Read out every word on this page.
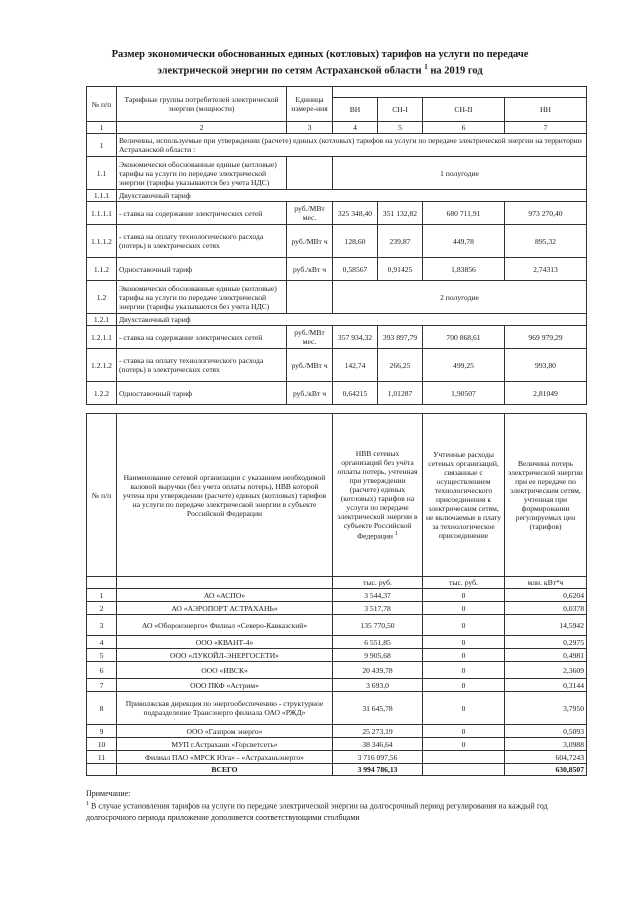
Размер экономически обоснованных единых (котловых) тарифов на услуги по передаче
электрической энергии по сетям Астраханской области $^1$ на 2019 год
№ п/п	Тарифные группы потребителей электрической энергии (мощности)	Единица измере-ния				
			ВН	СН-I	СН-II	НН
1	2	3	4	5	6	7
1	Величины, используемые при утверждении (расчете) единых (котловых) тарифов на услуги по передаче электрической энергии на территории Астраханской области :					
1.1	Экономически обоснованные единые (котловые) тарифы на услуги по передаче электрической энергии (тарифы указываются без учета НДС)		1 полугодие			
1.1.1	Двухставочный тариф					
1.1.1.1	- ставка на содержание электрических сетей	руб./МВт мес.	325 348,40	351 132,82	680 711,91	973 270,40
1.1.1.2	- ставка на оплату технологического расхода (потерь) в электрических сетях	руб./МВт ч	128,60	239,87	449,78	895,32
1.1.2	Одноставочный тариф	руб./кВт ч	0,58567	0,91425	1,83856	2,74313
1.2	Экономически обоснованные единые (котловые) тарифы на услуги по передаче электрической энергии (тарифы указываются без учета НДС)		2 полугодие			
1.2.1	Двухставочный тариф					
1.2.1.1	- ставка на содержание электрических сетей	руб./МВт мес.	357 934,32	393 897,79	700 868,61	969 979,29
1.2.1.2	- ставка на оплату технологического расхода (потерь) в электрических сетях	руб./МВт ч	142,74	266,25	499,25	993,80
1.2.2	Одноставочный тариф	руб./кВт ч	0,64215	1,01287	1,90507	2,81049
№ п/п	Наименование сетевой организации с указанием необходимой валовой выручки (без учета оплаты потерь), НВВ которой учтена при утверждении (расчете) единых (котловых) тарифов на услуги по передаче электрической энергии в субъекте Российской Федерации	НВВ сетевых организаций без учёта оплаты потерь, учтенная при утверждении (расчете) единых (котловых) тарифов на услуги по передаче электрической энергии в субъекте Российской Федерации $^1$	Учтенные расходы сетевых организаций, связанные с осуществлением технологического присоединения к электрическим сетям, не включаемые в плату за технологическое присоединение	Величина потерь электрической энергии при ее передаче по электрическим сетям, учтенная при формировании регулируемых цен (тарифов)
		тыс. руб.	тыс. руб.	млн. кВт*ч
1	АО «АСПО»	3 544,37	0	0,6204
2	АО «АЭРОПОРТ АСТРАХАНЬ»	3 517,78	0	0,0378
3	АО «Оборонэнерго» Филиал «Северо-Кавказский»	135 770,50	0	14,5942
4	ООО «КВАНТ-4»	6 551,85	0	0,2975
5	ООО «ЛУКОЙЛ-ЭНЕРГОСЕТИ»	9 905,68	0	0,4981
6	ООО «ИВСК»	20 439,78	0	2,3609
7	ООО ПКФ «Астрим»	3 693,0	0	0,3144
8	Приволжская дирекция по энергообеспечению - структурное подразделение Трансэнерго филиала ОАО «РЖД»	31 645,78	0	3,7950
9	ООО «Газпром энерго»	25 273,19	0	0,5093
10	МУП г.Астрахани «Горсветсеть»	38 346,64	0	3,0988
11	Филиал ПАО «МРСК Юга» - «Астраханьэнерго»	3 716 097,56		604,7243
	ВСЕГО	3 994 786,13		630,8507
Примечание:
$^1$ В случае установления тарифов на услуги по передаче электрической энергии на долгосрочный период регулирования на каждый год долгосрочного периода приложение дополняется соответствующими столбцами
